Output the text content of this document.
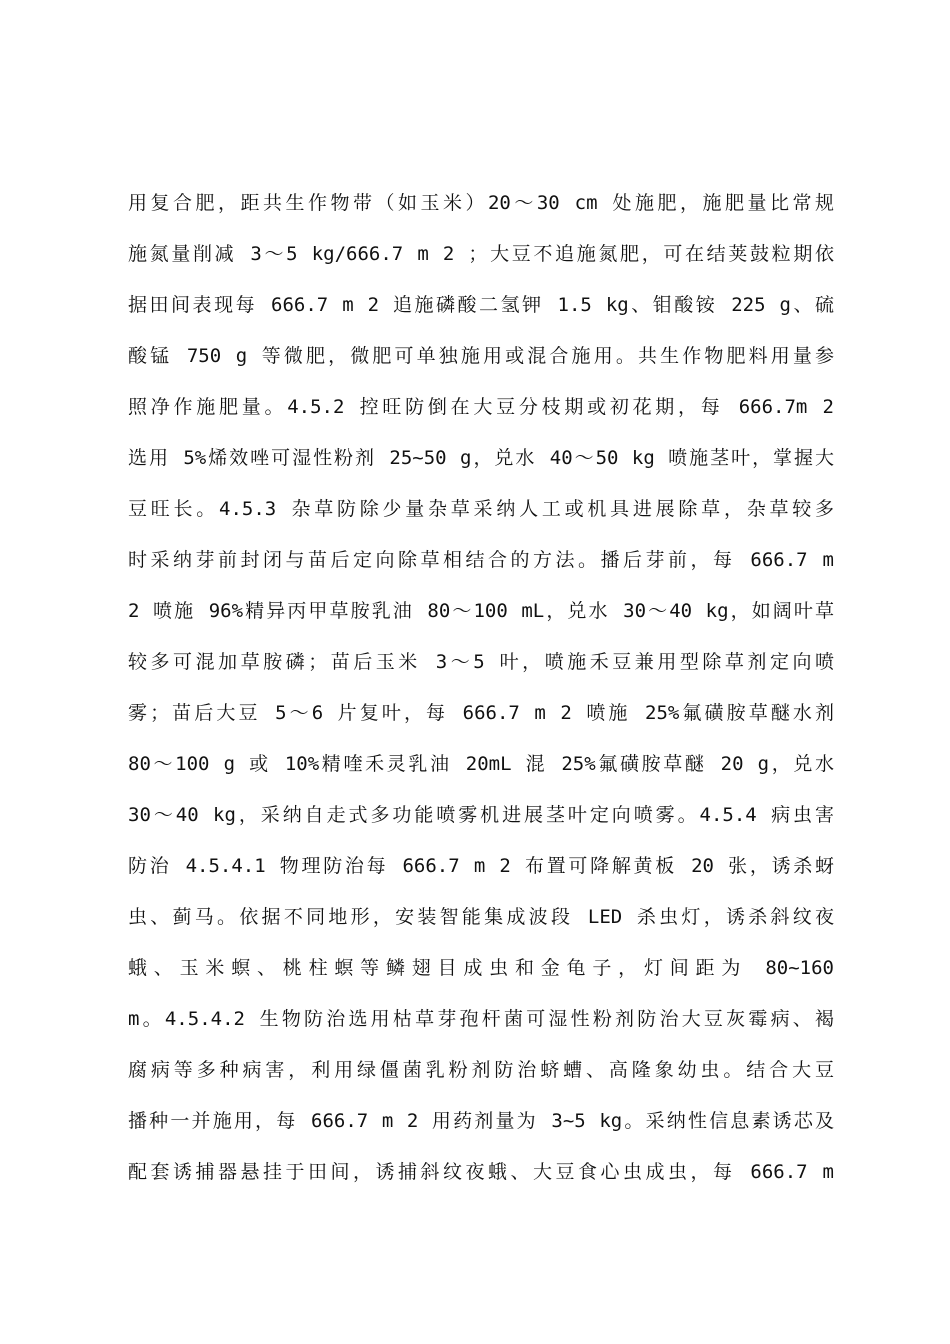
用复合肥，距共生作物带（如玉米）20～30 cm 处施肥，施肥量比常规
施氮量削减 3～5 kg/666.7 m 2 ；大豆不追施氮肥，可在结荚鼓粒期依
据田间表现每 666.7 m 2 追施磷酸二氢钾 1.5 kg、钼酸铵 225 g、硫
酸锰 750 g 等微肥，微肥可单独施用或混合施用。共生作物肥料用量参
照净作施肥量。4.5.2 控旺防倒在大豆分枝期或初花期，每 666.7m 2
选用 5%烯效唑可湿性粉剂 25~50 g，兑水 40～50 kg 喷施茎叶，掌握大
豆旺长。4.5.3 杂草防除少量杂草采纳人工或机具进展除草，杂草较多
时采纳芽前封闭与苗后定向除草相结合的方法。播后芽前，每 666.7 m
2 喷施 96%精异丙甲草胺乳油 80～100 mL，兑水 30～40 kg，如阔叶草
较多可混加草胺磷；苗后玉米 3～5 叶，喷施禾豆兼用型除草剂定向喷
雾；苗后大豆 5～6 片复叶，每 666.7 m 2 喷施 25%氟磺胺草醚水剂
80～100 g 或 10%精喹禾灵乳油 20mL 混 25%氟磺胺草醚 20 g，兑水
30～40 kg，采纳自走式多功能喷雾机进展茎叶定向喷雾。4.5.4 病虫害
防治 4.5.4.1 物理防治每 666.7 m 2 布置可降解黄板 20 张，诱杀蚜
虫、蓟马。依据不同地形，安装智能集成波段 LED 杀虫灯，诱杀斜纹夜
蛾、玉米螟、桃柱螟等鳞翅目成虫和金龟子，灯间距为 80~160
m。4.5.4.2 生物防治选用枯草芽孢杆菌可湿性粉剂防治大豆灰霉病、褐
腐病等多种病害，利用绿僵菌乳粉剂防治蛴螬、高隆象幼虫。结合大豆
播种一并施用，每 666.7 m 2 用药剂量为 3~5 kg。采纳性信息素诱芯及
配套诱捕器悬挂于田间，诱捕斜纹夜蛾、大豆食心虫成虫，每 666.7 m
